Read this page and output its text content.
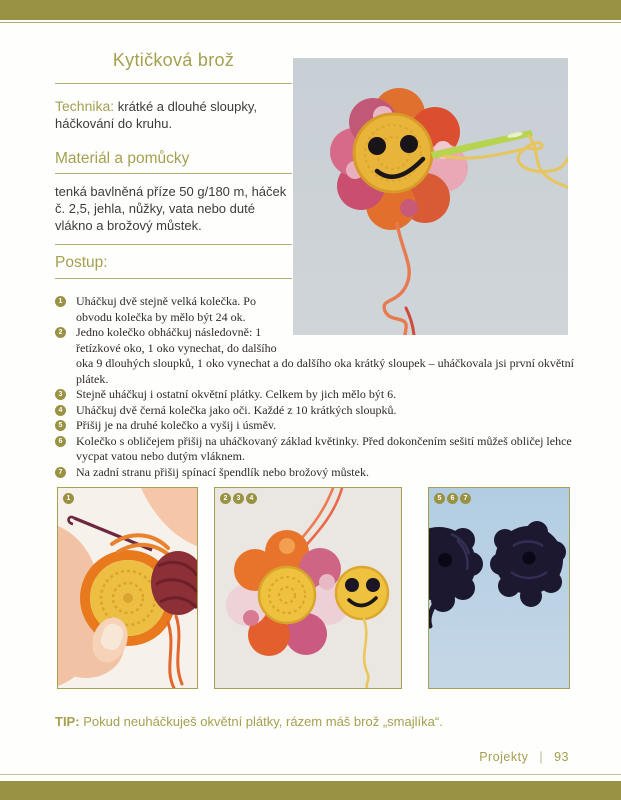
Kytičková brož

Technika: krátké a dlouhé sloupky, háčkování do kruhu.

Materiál a pomůcky

tenká bavlněná příze 50 g/180 m, háček č. 2,5, jehla, nůžky, vata nebo duté vlákno a brožový můstek.

Postup:

1 Uháčkuj dvě stejně velká kolečka. Po obvodu kolečka by mělo být 24 ok.

2 Jedno kolečko obháčkuj následovně: 1 řetízkové oko, 1 oko vynechat, do dalšího oka 9 dlouhých sloupků, 1 oko vynechat a do dalšího oka krátký sloupek – uháčkovala jsi první okvětní plátek.

3 Stejně uháčkuj i ostatní okvětní plátky. Celkem by jich mělo být 6.

4 Uháčkuj dvě černá kolečka jako oči. Každé z 10 krátkých sloupků.

5 Přišij je na druhé kolečko a vyšij i úsměv.

6 Kolečko s obličejem přišij na uháčkovaný základ květinky. Před dokončením sešití můžeš obličej lehce vycpat vatou nebo dutým vláknem.

7 Na zadní stranu přišij spínací špendlík nebo brožový můstek.

1	2	3	4	5	6	7

TIP: Pokud neuháčkuješ okvětní plátky, rázem máš brož „smajlíka“.

Projekty | 93
